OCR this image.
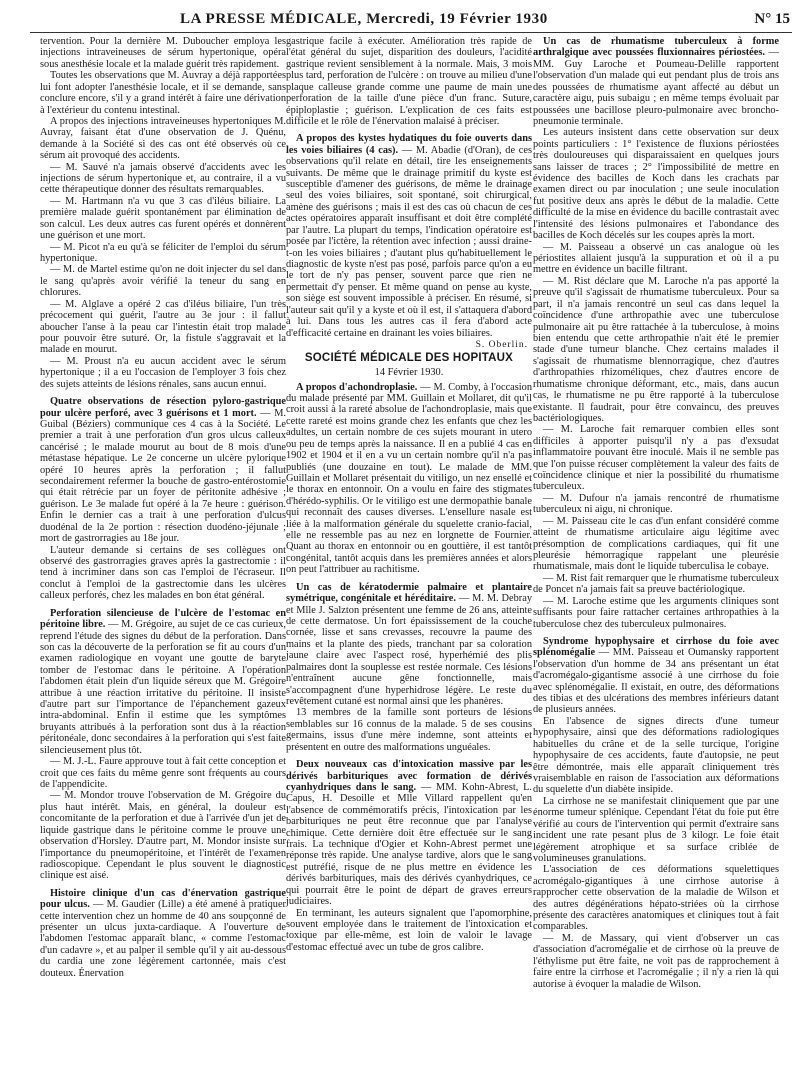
LA PRESSE MÉDICALE, Mercredi, 19 Février 1930	N° 15

tervention. Pour la dernière M. Duboucher employa les injections intraveineuses de sérum hypertonique, opéra sous anesthésie locale et la malade guérit très rapidement.

Toutes les observations que M. Auvray a déjà rapportées lui font adopter l'anesthésie locale, et il se demande, sans conclure encore, s'il y a grand intérêt à faire une dérivation à l'extérieur du contenu intestinal.

A propos des injections intraveineuses hypertoniques M. Auvray, faisant état d'une observation de J. Quénu, demande à la Société si des cas ont été observés où ce sérum ait provoqué des accidents.

— M. Sauvé n'a jamais observé d'accidents avec les injections de sérum hypertonique et, au contraire, il a vu cette thérapeutique donner des résultats remarquables.

— M. Hartmann n'a vu que 3 cas d'iléus biliaire. La première malade guérit spontanément par élimination de son calcul. Les deux autres cas furent opérés et donnèrent une guérison et une mort.

— M. Picot n'a eu qu'à se féliciter de l'emploi du sérum hypertonique.

— M. de Martel estime qu'on ne doit injecter du sel dans le sang qu'après avoir vérifié la teneur du sang en chlorures.

— M. Alglave a opéré 2 cas d'iléus biliaire, l'un très précocement qui guérit, l'autre au 3e jour : il fallut aboucher l'anse à la peau car l'intestin était trop malade pour pouvoir être suturé. Or, la fistule s'aggravait et la malade en mourut.

— M. Proust n'a eu aucun accident avec le sérum hypertonique ; il a eu l'occasion de l'employer 3 fois chez des sujets atteints de lésions rénales, sans aucun ennui.

Quatre observations de résection pyloro-gastrique pour ulcère perforé, avec 3 guérisons et 1 mort. — M. Guibal (Béziers) communique ces 4 cas à la Société. Le premier a trait à une perforation d'un gros ulcus calleux cancérisé ; le malade mourut au bout de 8 mois d'une métastase hépatique. Le 2e concerne un ulcère pylorique opéré 10 heures après la perforation ; il fallut secondairement refermer la bouche de gastro-entérostomie qui était rétrécie par un foyer de péritonite adhésive ; guérison. Le 3e malade fut opéré à la 7e heure : guérison. Enfin le dernier cas a trait à une perforation d'ulcus duodénal de la 2e portion : résection duodéno-jéjunale ; mort de gastrorragies au 18e jour.

L'auteur demande si certains de ses collègues ont observé des gastrorragies graves après la gastrectomie : il tend à incriminer dans son cas l'emploi de l'écraseur. Il conclut à l'emploi de la gastrectomie dans les ulcères calleux perforés, chez les malades en bon état général.

Perforation silencieuse de l'ulcère de l'estomac en péritoine libre. — M. Grégoire, au sujet de ce cas curieux, reprend l'étude des signes du début de la perforation. Dans son cas la découverte de la perforation se fit au cours d'un examen radiologique en voyant une goutte de baryte tomber de l'estomac dans le péritoine. A l'opération l'abdomen était plein d'un liquide séreux que M. Grégoire attribue à une réaction irritative du péritoine. Il insiste d'autre part sur l'importance de l'épanchement gazeux intra-abdominal. Enfin il estime que les symptômes bruyants attribués à la perforation sont dus à la réaction péritonéale, donc secondaires à la perforation qui s'est faite silencieusement plus tôt.

— M. J.-L. Faure approuve tout à fait cette conception et croit que ces faits du même genre sont fréquents au cours de l'appendicite.

— M. Mondor trouve l'observation de M. Grégoire du plus haut intérêt. Mais, en général, la douleur est concomitante de la perforation et due à l'arrivée d'un jet de liquide gastrique dans le péritoine comme le prouve une observation d'Horsley. D'autre part, M. Mondor insiste sur l'importance du pneumopéritoine, et l'intérêt de l'examen radioscopique. Cependant le plus souvent le diagnostic clinique est aisé.

Histoire clinique d'un cas d'énervation gastrique pour ulcus. — M. Gaudier (Lille) a été amené à pratiquer cette intervention chez un homme de 40 ans soupçonné de présenter un ulcus juxta-cardiaque. A l'ouverture de l'abdomen l'estomac apparaît blanc, « comme l'estomac d'un cadavre », et au palper il semble qu'il y ait au-dessous du cardia une zone légèrement cartonnée, mais c'est douteux. Énervation

gastrique facile à exécuter. Amélioration très rapide de l'état général du sujet, disparition des douleurs, l'acidité gastrique revient sensiblement à la normale. Mais, 3 mois plus tard, perforation de l'ulcère : on trouve au milieu d'une plaque calleuse grande comme une paume de main une perforation de la taille d'une pièce d'un franc. Suture, épiploplastie ; guérison. L'explication de ces faits est difficile et le rôle de l'énervation malaisé à préciser.

A propos des kystes hydatiques du foie ouverts dans les voies biliaires (4 cas). — M. Abadie (d'Oran), de ces observations qu'il relate en détail, tire les enseignements suivants. De même que le drainage primitif du kyste est susceptible d'amener des guérisons, de même le drainage seul des voies biliaires, soit spontané, soit chirurgical, amène des guérisons ; mais il est des cas où chacun de ces actes opératoires apparaît insuffisant et doit être complété par l'autre. La plupart du temps, l'indication opératoire est posée par l'ictère, la rétention avec infection ; aussi draine-t-on les voies biliaires ; d'autant plus qu'habituellement le diagnostic de kyste n'est pas posé, parfois parce qu'on a eu le tort de n'y pas penser, souvent parce que rien ne permettait d'y penser. Et même quand on pense au kyste, son siège est souvent impossible à préciser. En résumé, si l'auteur sait qu'il y a kyste et où il est, il s'attaquera d'abord à lui. Dans tous les autres cas il fera d'abord acte d'efficacité certaine en drainant les voies biliaires.

S. Oberlin.
SOCIÉTÉ MÉDICALE DES HOPITAUX
14 Février 1930.

A propos d'achondroplasie. — M. Comby, à l'occasion du malade présenté par MM. Guillain et Mollaret, dit qu'il croit aussi à la rareté absolue de l'achondroplasie, mais que cette rareté est moins grande chez les enfants que chez les adultes, un certain nombre de ces sujets mourant in utero ou peu de temps après la naissance. Il en a publié 4 cas en 1902 et 1904 et il en a vu un certain nombre qu'il n'a pas publiés (une douzaine en tout). Le malade de MM. Guillain et Mollaret présentait du vitiligo, un nez ensellé et le thorax en entonnoir. On a voulu en faire des stigmates d'hérédo-syphilis. Or le vitiligo est une dermopathie banale qui reconnaît des causes diverses. L'ensellure nasale est liée à la malformation générale du squelette cranio-facial, elle ne ressemble pas au nez en lorgnette de Fournier. Quant au thorax en entonnoir ou en gouttière, il est tantôt congénital, tantôt acquis dans les premières années et alors on peut l'attribuer au rachitisme.

Un cas de kératodermie palmaire et plantaire symétrique, congénitale et héréditaire. — M. M. Debray et Mlle J. Salzton présentent une femme de 26 ans, atteinte de cette dermatose. Un fort épaississement de la couche cornée, lisse et sans crevasses, recouvre la paume des mains et la plante des pieds, tranchant par sa coloration jaune claire avec l'aspect rosé, hyperhémié des plis palmaires dont la souplesse est restée normale. Ces lésions n'entraînent aucune gêne fonctionnelle, mais s'accompagnent d'une hyperhidrose légère. Le reste du revêtement cutané est normal ainsi que les phanères.

13 membres de la famille sont porteurs de lésions semblables sur 16 connus de la malade. 5 de ses cousins germains, issus d'une mère indemne, sont atteints et présentent en outre des malformations unguéales.

Deux nouveaux cas d'intoxication massive par les dérivés barbituriques avec formation de dérivés cyanhydriques dans le sang. — MM. Kohn-Abrest, L. Capus, H. Desoille et Mlle Villard rappellent qu'en l'absence de commémoratifs précis, l'intoxication par les barbituriques ne peut être reconnue que par l'analyse chimique. Cette dernière doit être effectuée sur le sang frais. La technique d'Ogier et Kohn-Abrest permet une réponse très rapide. Une analyse tardive, alors que le sang est putréfié, risque de ne plus mettre en évidence les dérivés barbituriques, mais des dérivés cyanhydriques, ce qui pourrait être le point de départ de graves erreurs judiciaires.

En terminant, les auteurs signalent que l'apomorphine, souvent employée dans le traitement de l'intoxication et toxique par elle-même, est loin de valoir le lavage d'estomac effectué avec un tube de gros calibre.

Un cas de rhumatisme tuberculeux à forme arthralgique avec poussées fluxionnaires périostées. — MM. Guy Laroche et Poumeau-Delille rapportent l'observation d'un malade qui eut pendant plus de trois ans des poussées de rhumatisme ayant affecté au début un caractère aigu, puis subaigu ; en même temps évoluait par poussées une bacillose pleuro-pulmonaire avec broncho-pneumonie terminale.

Les auteurs insistent dans cette observation sur deux points particuliers : 1° l'existence de fluxions périostées très douloureuses qui disparaissaient en quelques jours sans laisser de traces ; 2° l'impossibilité de mettre en évidence des bacilles de Koch dans les crachats par examen direct ou par inoculation ; une seule inoculation fut positive deux ans après le début de la maladie. Cette difficulté de la mise en évidence du bacille contrastait avec l'intensité des lésions pulmonaires et l'abondance des bacilles de Koch décelés sur les coupes après la mort.

— M. Paisseau a observé un cas analogue où les périostites allaient jusqu'à la suppuration et où il a pu mettre en évidence un bacille filtrant.

— M. Rist déclare que M. Laroche n'a pas apporté la preuve qu'il s'agissait de rhumatisme tuberculeux. Pour sa part, il n'a jamais rencontré un seul cas dans lequel la coïncidence d'une arthropathie avec une tuberculose pulmonaire ait pu être rattachée à la tuberculose, à moins bien entendu que cette arthropathie n'ait été le premier stade d'une tumeur blanche. Chez certains malades il s'agissait de rhumatisme blennorragique, chez d'autres d'arthropathies rhizoméliques, chez d'autres encore de rhumatisme chronique déformant, etc., mais, dans aucun cas, le rhumatisme ne pu être rapporté à la tuberculose existante. Il faudrait, pour être convaincu, des preuves bactériologiques.

— M. Laroche fait remarquer combien elles sont difficiles à apporter puisqu'il n'y a pas d'exsudat inflammatoire pouvant être inoculé. Mais il ne semble pas que l'on puisse récuser complètement la valeur des faits de coïncidence clinique et nier la possibilité du rhumatisme tuberculeux.

— M. Dufour n'a jamais rencontré de rhumatisme tuberculeux ni aigu, ni chronique.

— M. Paisseau cite le cas d'un enfant considéré comme atteint de rhumatisme articulaire aigu légitime avec présomption de complications cardiaques, qui fit une pleurésie hémorragique rappelant une pleurésie rhumatismale, mais dont le liquide tuberculisa le cobaye.

— M. Rist fait remarquer que le rhumatisme tuberculeux de Poncet n'a jamais fait sa preuve bactériologique.

— M. Laroche estime que les arguments cliniques sont suffisants pour faire rattacher certaines arthropathies à la tuberculose chez des tuberculeux pulmonaires.

Syndrome hypophysaire et cirrhose du foie avec splénomégalie — MM. Paisseau et Oumansky rapportent l'observation d'un homme de 34 ans présentant un état d'acromégalo-gigantisme associé à une cirrhose du foie avec splénomégalie. Il existait, en outre, des déformations des tibias et des ulcérations des membres inférieurs datant de plusieurs années.

En l'absence de signes directs d'une tumeur hypophysaire, ainsi que des déformations radiologiques habituelles du crâne et de la selle turcique, l'origine hypophysaire de ces accidents, faute d'autopsie, ne peut être démontrée, mais elle apparaît cliniquement très vraisemblable en raison de l'association aux déformations du squelette d'un diabète insipide.

La cirrhose ne se manifestait cliniquement que par une énorme tumeur splénique. Cependant l'état du foie put être vérifié au cours de l'intervention qui permit d'extraire sans incident une rate pesant plus de 3 kilogr. Le foie était légèrement atrophique et sa surface criblée de volumineuses granulations.

L'association de ces déformations squelettiques acromégalo-gigantiques à une cirrhose autorise à rapprocher cette observation de la maladie de Wilson et des autres dégénérations hépato-striées où la cirrhose présente des caractères anatomiques et cliniques tout à fait comparables.

— M. de Massary, qui vient d'observer un cas d'association d'acromégalie et de cirrhose où la preuve de l'éthylisme put être faite, ne voit pas de rapprochement à faire entre la cirrhose et l'acromégalie ; il n'y a rien là qui autorise à évoquer la maladie de Wilson.
